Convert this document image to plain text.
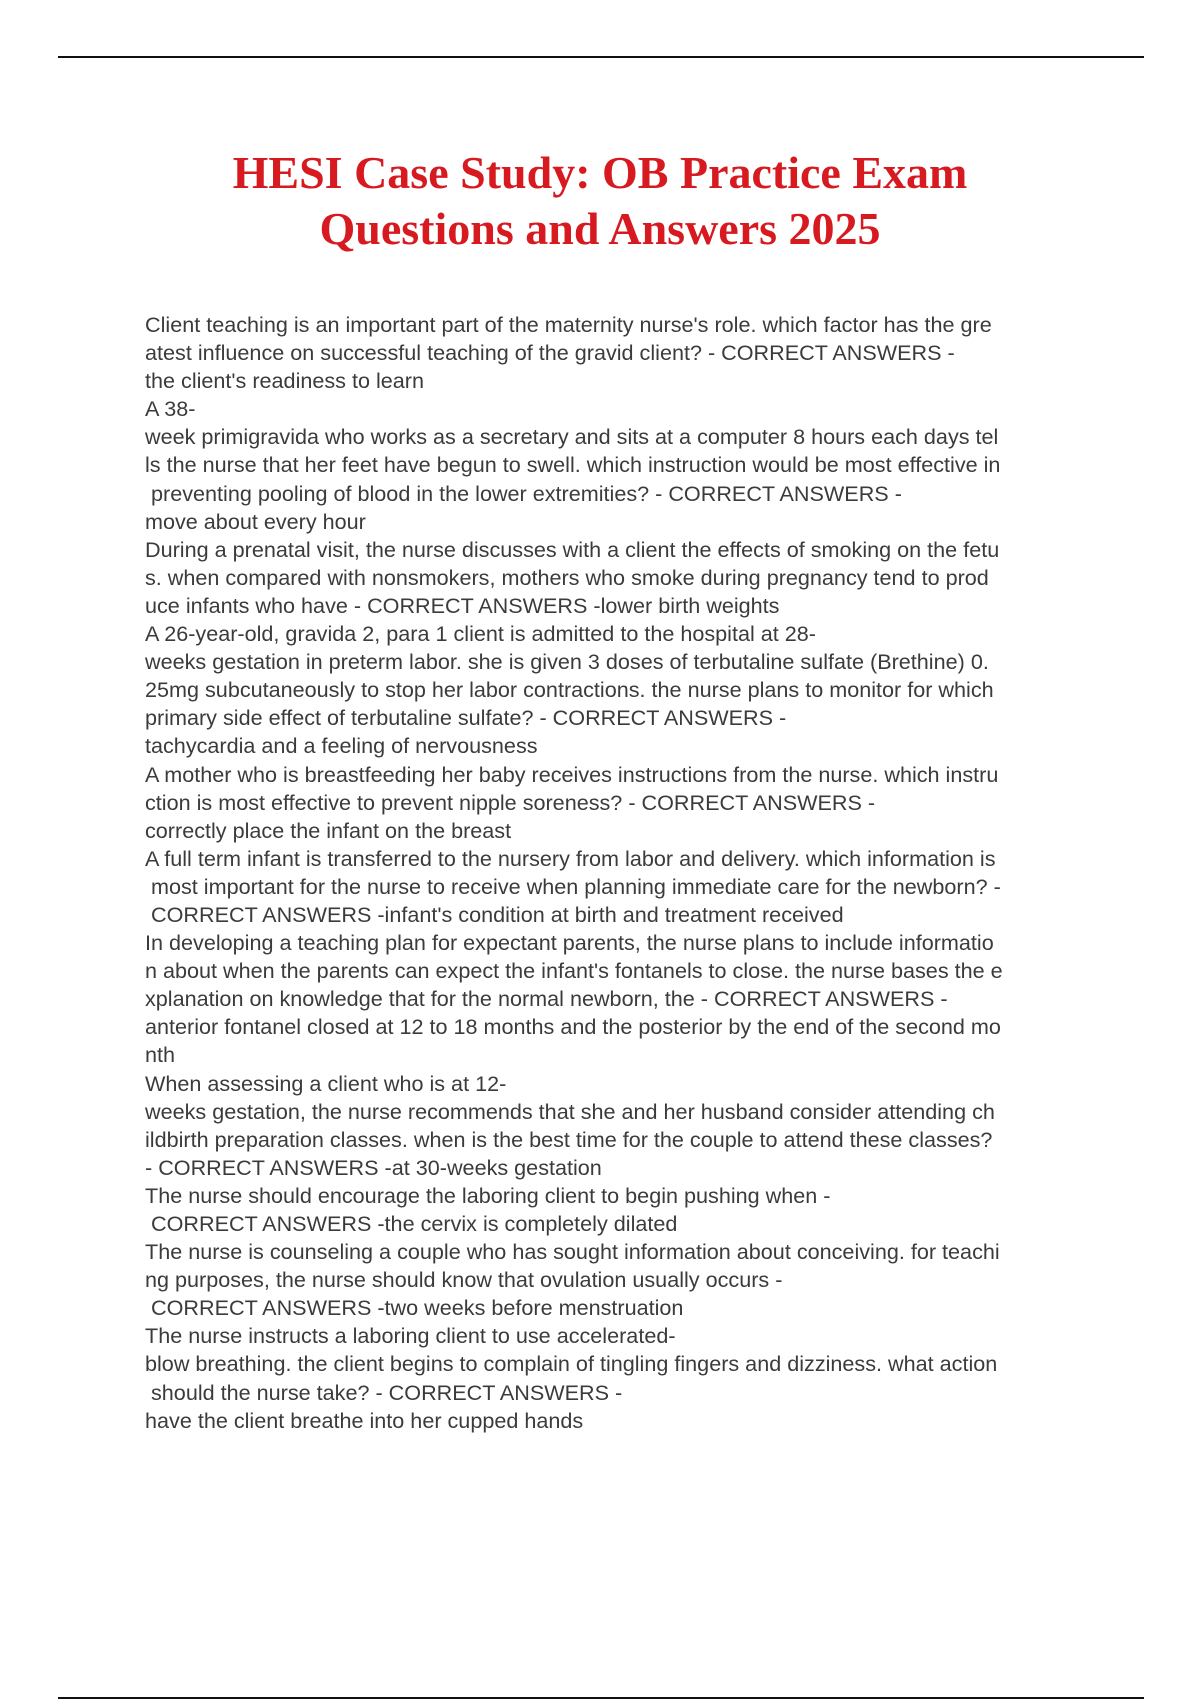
HESI Case Study: OB Practice Exam
Questions and Answers 2025
Client teaching is an important part of the maternity nurse's role. which factor has the gre
atest influence on successful teaching of the gravid client? - CORRECT ANSWERS -
the client's readiness to learn
A 38-
week primigravida who works as a secretary and sits at a computer 8 hours each days tel
ls the nurse that her feet have begun to swell. which instruction would be most effective in
preventing pooling of blood in the lower extremities? - CORRECT ANSWERS -
move about every hour
During a prenatal visit, the nurse discusses with a client the effects of smoking on the fetu
s. when compared with nonsmokers, mothers who smoke during pregnancy tend to prod
uce infants who have - CORRECT ANSWERS -lower birth weights
A 26-year-old, gravida 2, para 1 client is admitted to the hospital at 28-
weeks gestation in preterm labor. she is given 3 doses of terbutaline sulfate (Brethine) 0.
25mg subcutaneously to stop her labor contractions. the nurse plans to monitor for which
primary side effect of terbutaline sulfate? - CORRECT ANSWERS -
tachycardia and a feeling of nervousness
A mother who is breastfeeding her baby receives instructions from the nurse. which instru
ction is most effective to prevent nipple soreness? - CORRECT ANSWERS -
correctly place the infant on the breast
A full term infant is transferred to the nursery from labor and delivery. which information is
most important for the nurse to receive when planning immediate care for the newborn? -
CORRECT ANSWERS -infant's condition at birth and treatment received
In developing a teaching plan for expectant parents, the nurse plans to include informatio
n about when the parents can expect the infant's fontanels to close. the nurse bases the e
xplanation on knowledge that for the normal newborn, the - CORRECT ANSWERS -
anterior fontanel closed at 12 to 18 months and the posterior by the end of the second mo
nth
When assessing a client who is at 12-
weeks gestation, the nurse recommends that she and her husband consider attending ch
ildbirth preparation classes. when is the best time for the couple to attend these classes?
- CORRECT ANSWERS -at 30-weeks gestation
The nurse should encourage the laboring client to begin pushing when -
CORRECT ANSWERS -the cervix is completely dilated
The nurse is counseling a couple who has sought information about conceiving. for teachi
ng purposes, the nurse should know that ovulation usually occurs -
CORRECT ANSWERS -two weeks before menstruation
The nurse instructs a laboring client to use accelerated-
blow breathing. the client begins to complain of tingling fingers and dizziness. what action
should the nurse take? - CORRECT ANSWERS -
have the client breathe into her cupped hands
